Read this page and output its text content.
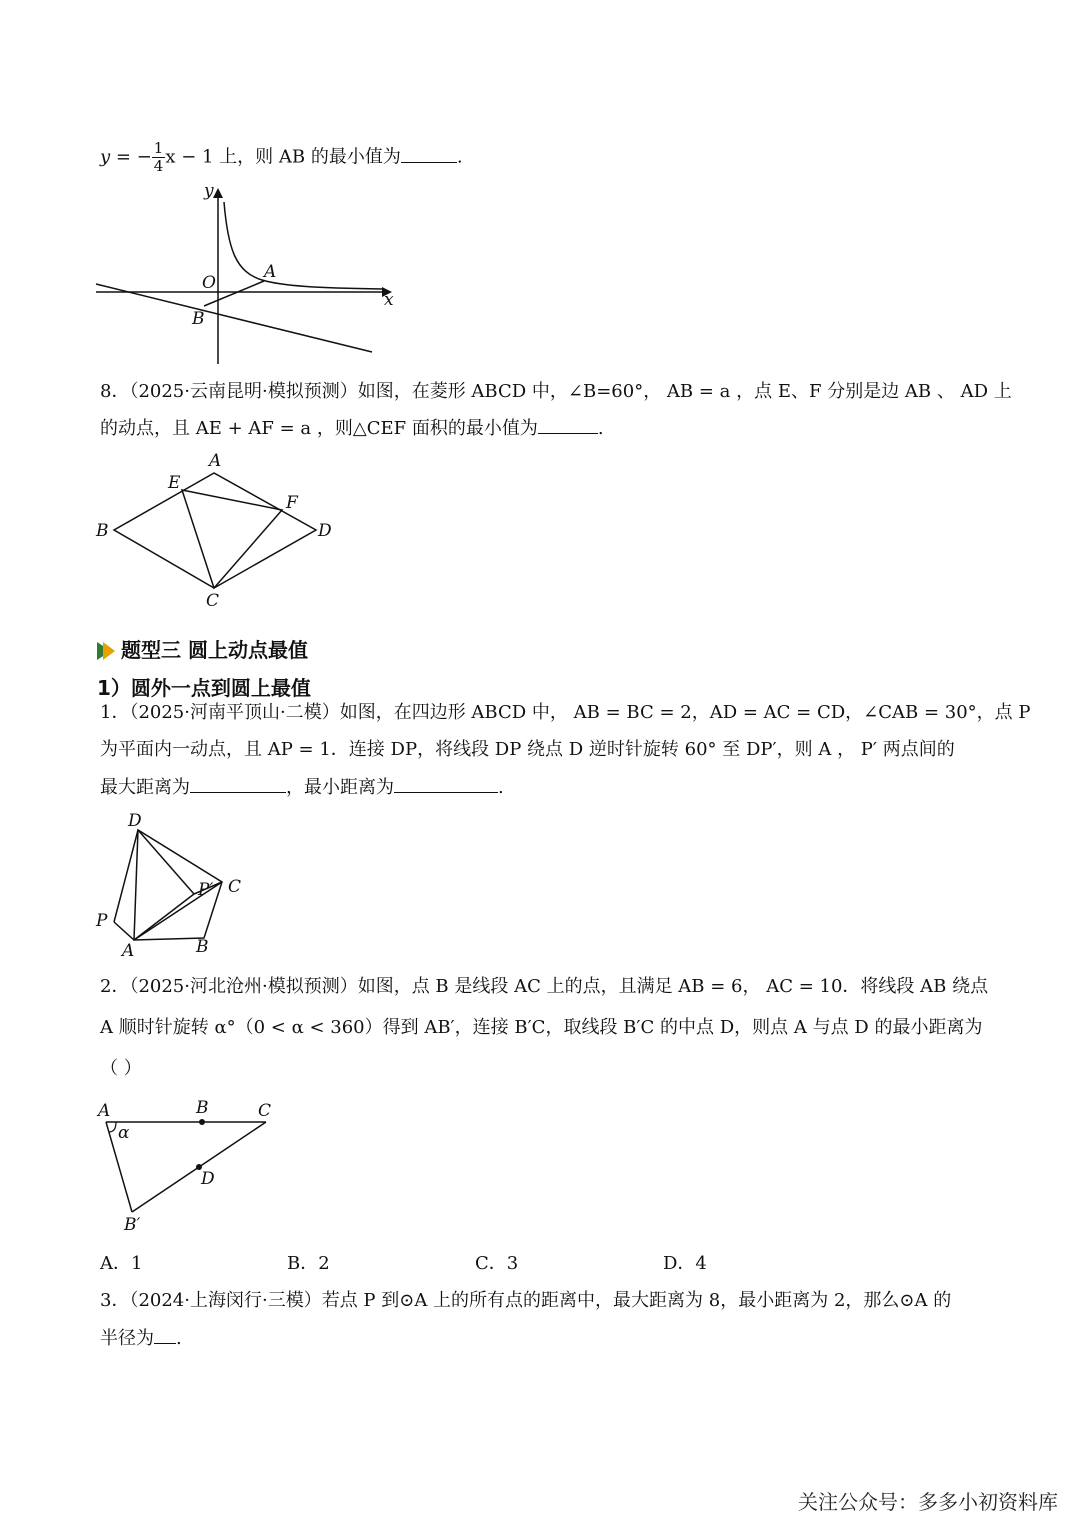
y = − $\frac{1}{4}$ x − 1 上，则 AB 的最小值为	.
y
x
O
A
B
8．（2025·云南昆明·模拟预测）如图，在菱形 ABCD 中，∠B=60°， AB = a ，点 E、F 分别是边 AB 、 AD 上
的动点，且 AE + AF = a ，则△CEF 面积的最小值为	.
A
E
F
B	D
C
题型三 圆上动点最值
1）圆外一点到圆上最值
1．（2025·河南平顶山·二模）如图，在四边形 ABCD 中， AB = BC = 2，AD = AC = CD，∠CAB = 30°，点 P
为平面内一动点，且 AP = 1．连接 DP，将线段 DP 绕点 D 逆时针旋转 60° 至 DP′，则 A ， P′ 两点间的
最大距离为	，最小距离为	.
D
P′ C
P
A	B
2．（2025·河北沧州·模拟预测）如图，点 B 是线段 AC 上的点，且满足 AB = 6， AC = 10．将线段 AB 绕点
A 顺时针旋转 α°（0 < α < 360）得到 AB′，连接 B′C，取线段 B′C 的中点 D，则点 A 与点 D 的最小距离为
（ ）
A	B	C
α
D
B′
A．1	B．2	C．3	D．4
3．（2024·上海闵行·三模）若点 P 到⊙A 上的所有点的距离中，最大距离为 8，最小距离为 2，那么⊙A 的
半径为 .
关注公众号：多多小初资料库
